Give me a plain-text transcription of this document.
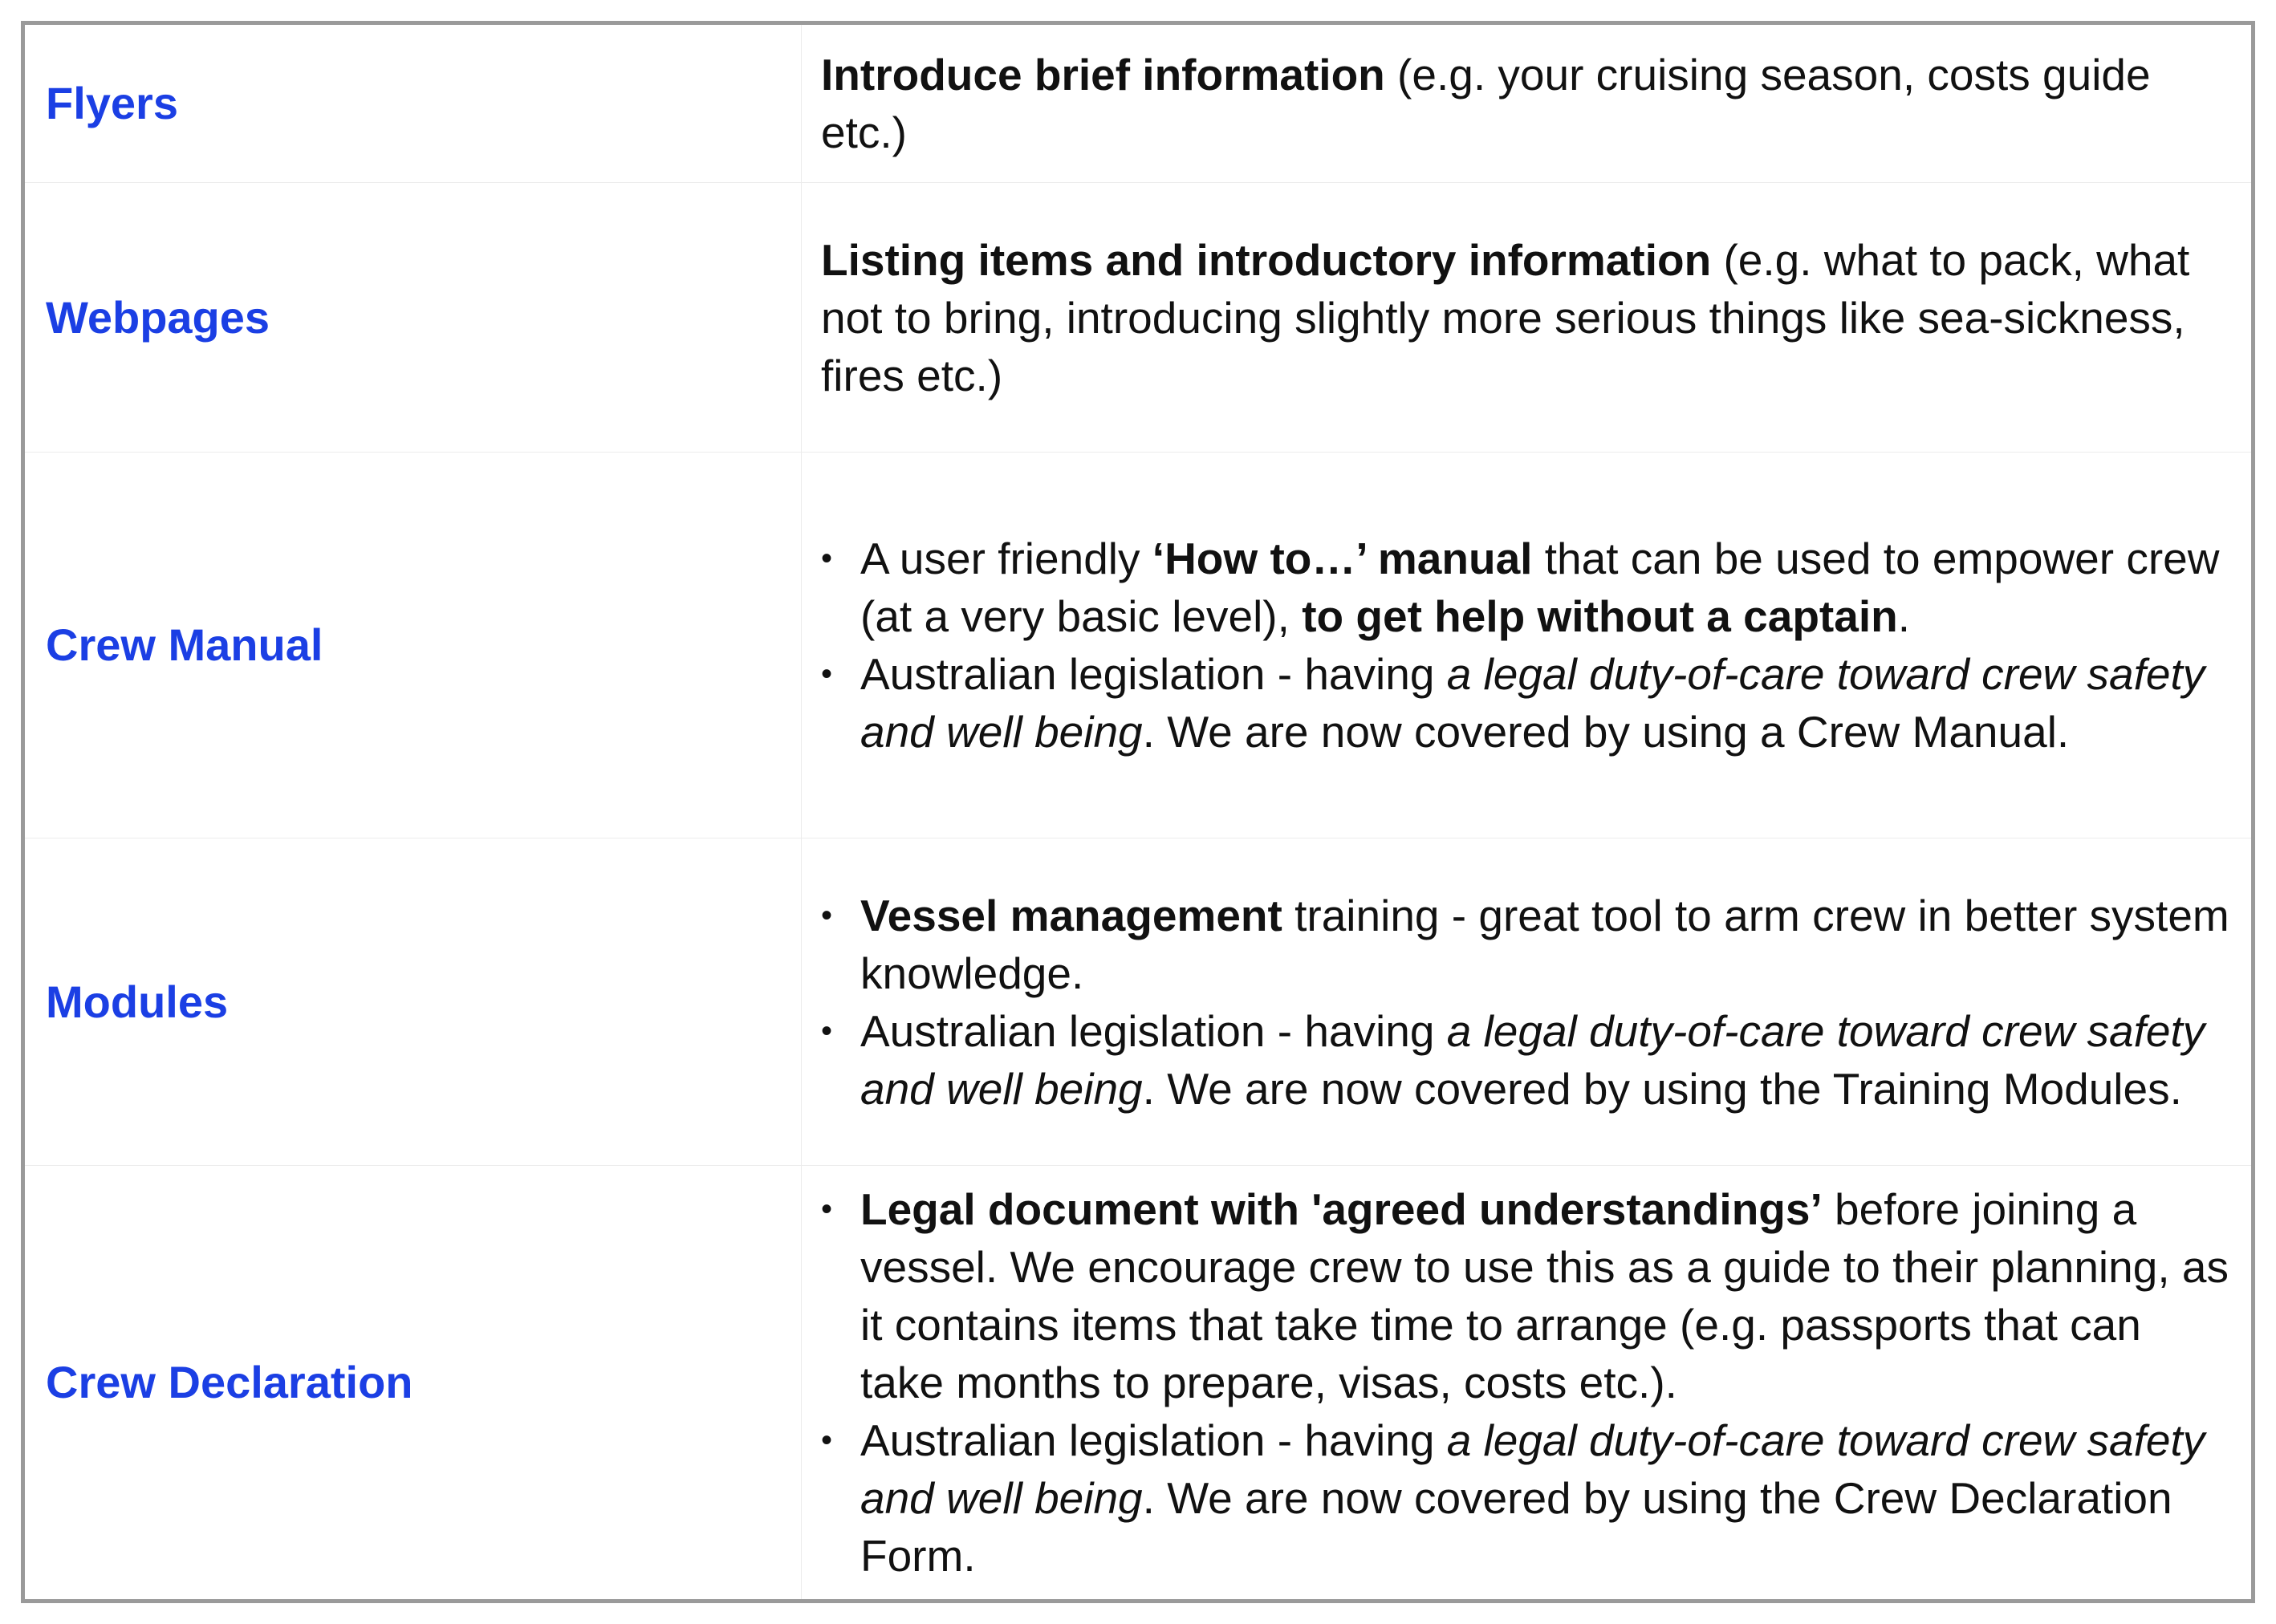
Flyers

Introduce brief information (e.g. your cruising season, costs guide etc.)

Webpages

Listing items and introductory information (e.g. what to pack, what not to bring, introducing slightly more serious things like sea-sickness, fires etc.)

Crew Manual
• A user friendly ‘How to…’ manual that can be used to empower crew (at a very basic level), to get help without a captain.
• Australian legislation - having a legal duty-of-care toward crew safety and well being. We are now covered by using a Crew Manual.
Modules
• Vessel management training - great tool to arm crew in better system knowledge.
• Australian legislation - having a legal duty-of-care toward crew safety and well being. We are now covered by using the Training Modules.
Crew Declaration
• Legal document with 'agreed understandings’ before joining a vessel. We encourage crew to use this as a guide to their planning, as it contains items that take time to arrange (e.g. passports that can take months to prepare, visas, costs etc.).
• Australian legislation - having a legal duty-of-care toward crew safety and well being. We are now covered by using the Crew Declaration Form.
